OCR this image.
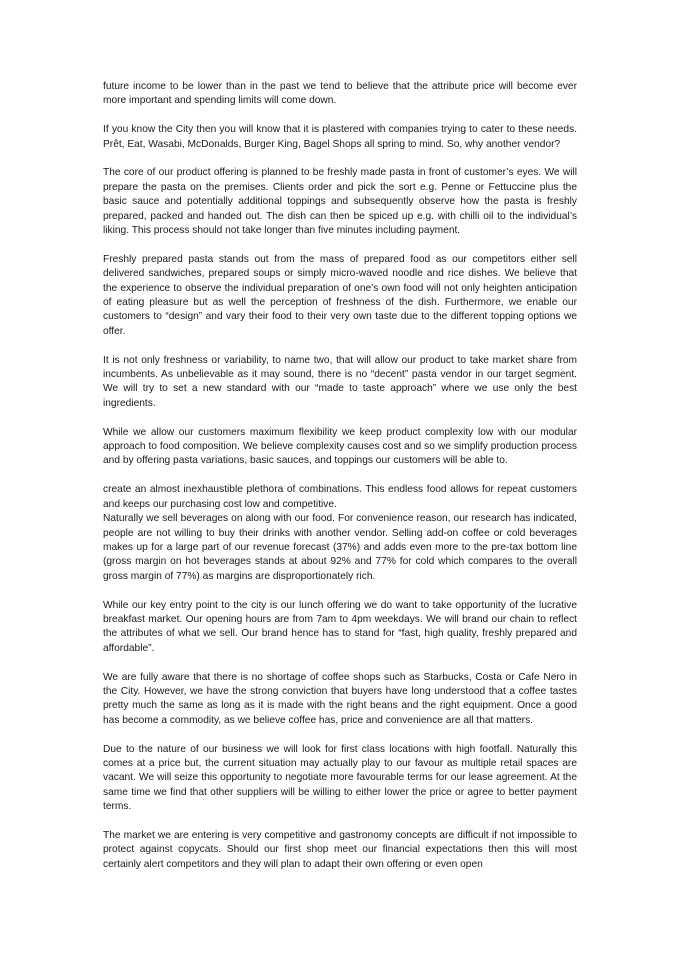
future income to be lower than in the past we tend to believe that the attribute price will become ever more important and spending limits will come down.

If you know the City then you will know that it is plastered with companies trying to cater to these needs. Prêt, Eat, Wasabi, McDonalds, Burger King, Bagel Shops all spring to mind. So, why another vendor?

The core of our product offering is planned to be freshly made pasta in front of customer’s eyes. We will prepare the pasta on the premises. Clients order and pick the sort e.g. Penne or Fettuccine plus the basic sauce and potentially additional toppings and subsequently observe how the pasta is freshly prepared, packed and handed out. The dish can then be spiced up e.g. with chilli oil to the individual’s liking. This process should not take longer than five minutes including payment.

Freshly prepared pasta stands out from the mass of prepared food as our competitors either sell delivered sandwiches, prepared soups or simply micro-waved noodle and rice dishes. We believe that the experience to observe the individual preparation of one’s own food will not only heighten anticipation of eating pleasure but as well the perception of freshness of the dish. Furthermore, we enable our customers to “design” and vary their food to their very own taste due to the different topping options we offer.

It is not only freshness or variability, to name two, that will allow our product to take market share from incumbents. As unbelievable as it may sound, there is no “decent” pasta vendor in our target segment. We will try to set a new standard with our “made to taste approach” where we use only the best ingredients.

While we allow our customers maximum flexibility we keep product complexity low with our modular approach to food composition. We believe complexity causes cost and so we simplify production process and by offering pasta variations, basic sauces, and toppings our customers will be able to.

create an almost inexhaustible plethora of combinations. This endless food allows for repeat customers and keeps our purchasing cost low and competitive.

Naturally we sell beverages on along with our food. For convenience reason, our research has indicated, people are not willing to buy their drinks with another vendor. Selling add-on coffee or cold beverages makes up for a large part of our revenue forecast (37%) and adds even more to the pre-tax bottom line (gross margin on hot beverages stands at about 92% and 77% for cold which compares to the overall gross margin of 77%) as margins are disproportionately rich.

While our key entry point to the city is our lunch offering we do want to take opportunity of the lucrative breakfast market. Our opening hours are from 7am to 4pm weekdays. We will brand our chain to reflect the attributes of what we sell. Our brand hence has to stand for “fast, high quality, freshly prepared and affordable”.

We are fully aware that there is no shortage of coffee shops such as Starbucks, Costa or Cafe Nero in the City. However, we have the strong conviction that buyers have long understood that a coffee tastes pretty much the same as long as it is made with the right beans and the right equipment. Once a good has become a commodity, as we believe coffee has, price and convenience are all that matters.

Due to the nature of our business we will look for first class locations with high footfall. Naturally this comes at a price but, the current situation may actually play to our favour as multiple retail spaces are vacant. We will seize this opportunity to negotiate more favourable terms for our lease agreement. At the same time we find that other suppliers will be willing to either lower the price or agree to better payment terms.

The market we are entering is very competitive and gastronomy concepts are difficult if not impossible to protect against copycats. Should our first shop meet our financial expectations then this will most certainly alert competitors and they will plan to adapt their own offering or even open
